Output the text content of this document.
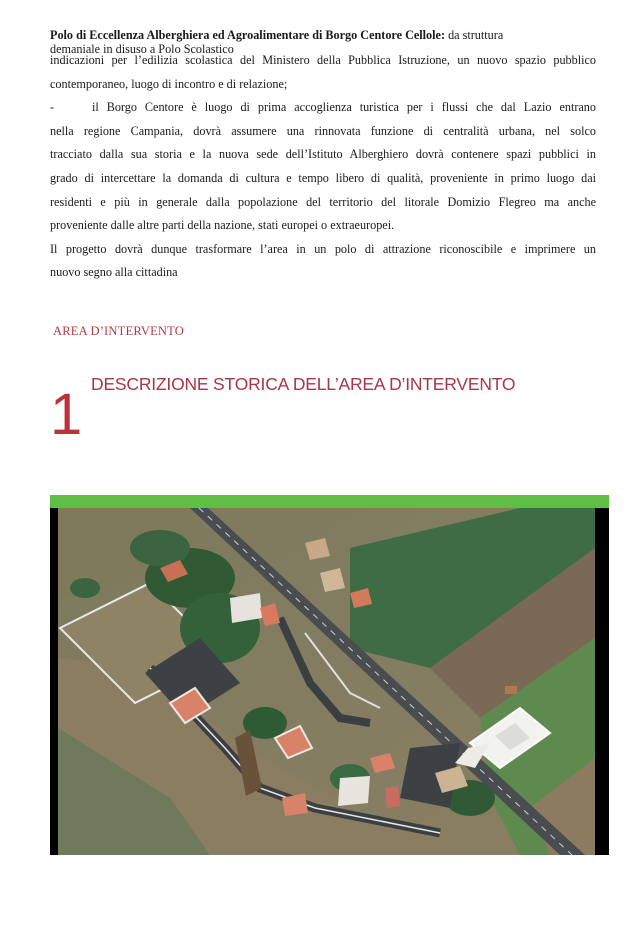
Polo di Eccellenza Alberghiera ed Agroalimentare di Borgo Centore Cellole: da struttura
demaniale in disuso a Polo Scolastico
indicazioni per l’edilizia scolastica del Ministero della Pubblica Istruzione, un nuovo spazio pubblico
contemporaneo, luogo di incontro e di relazione;
-	il Borgo Centore è luogo di prima accoglienza turistica per i flussi che dal Lazio entrano
nella regione Campania, dovrà assumere una rinnovata funzione di centralità urbana, nel solco
tracciato dalla sua storia e la nuova sede dell’Istituto Alberghiero dovrà contenere spazi pubblici in
grado di intercettare la domanda di cultura e tempo libero di qualità, proveniente in primo luogo dai
residenti e più in generale dalla popolazione del territorio del litorale Domizio Flegreo ma anche
proveniente dalle altre parti della nazione, stati europei o extraeuropei.
Il progetto dovrà dunque trasformare l’area in un polo di attrazione riconoscibile e imprimere un
nuovo segno alla cittadina
AREA D’INTERVENTO
1 DESCRIZIONE STORICA DELL’AREA D’INTERVENTO
